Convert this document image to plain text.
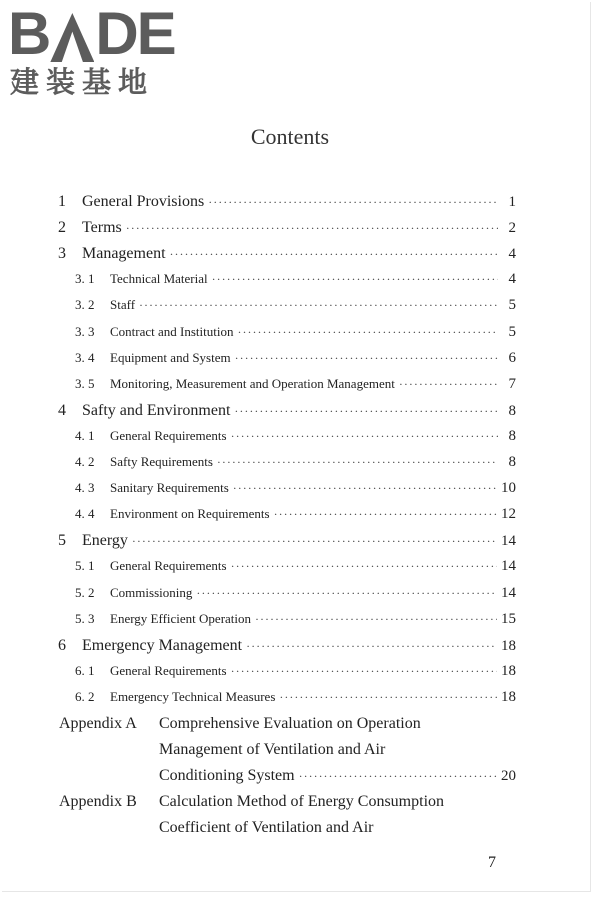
B DE
建装基地
Contents
1	General Provisions ·····	1
2	Terms ·····	2
3	Management ·····	4
3. 1	Technical Material ·····	4
3. 2	Staff ·····	5
3. 3	Contract and Institution ·····	5
3. 4	Equipment and System ·····	6
3. 5	Monitoring, Measurement and Operation Management ·····	7
4	Safty and Environment ·····	8
4. 1	General Requirements ·····	8
4. 2	Safty Requirements ·····	8
4. 3	Sanitary Requirements ·····	10
4. 4	Environment on Requirements ·····	12
5	Energy ·····	14
5. 1	General Requirements ·····	14
5. 2	Commissioning ·····	14
5. 3	Energy Efficient Operation ·····	15
6	Emergency Management ·····	18
6. 1	General Requirements ·····	18
6. 2	Emergency Technical Measures ·····	18
Appendix A Comprehensive Evaluation on Operation
Management of Ventilation and Air
Conditioning System ·····	20
Appendix B Calculation Method of Energy Consumption
Coefficient of Ventilation and Air
7
